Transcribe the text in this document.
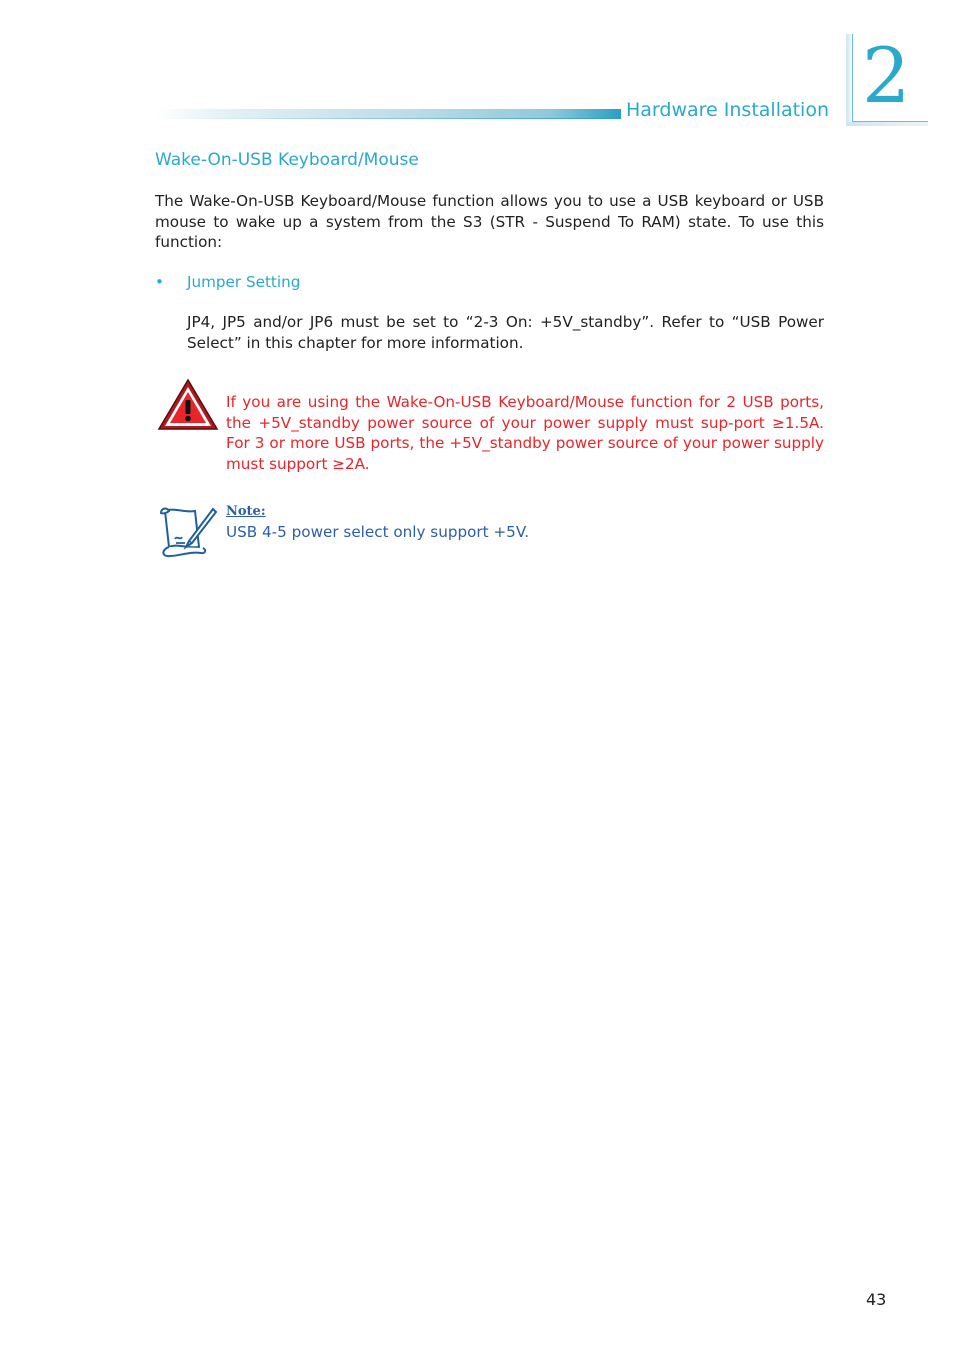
2
Hardware Installation
Wake-On-USB Keyboard/Mouse
The Wake-On-USB Keyboard/Mouse function allows you to use a USB keyboard or USB mouse to wake up a system from the S3 (STR - Suspend To RAM) state. To use this function:
• Jumper Setting
JP4, JP5 and/or JP6 must be set to “2-3 On: +5V_standby”. Refer to “USB Power Select” in this chapter for more information.
If you are using the Wake-On-USB Keyboard/Mouse function for 2 USB ports, the +5V_standby power source of your power supply must sup-port ≥1.5A. For 3 or more USB ports, the +5V_standby power source of your power supply must support ≥2A.
Note:
USB 4-5 power select only support +5V.
43
